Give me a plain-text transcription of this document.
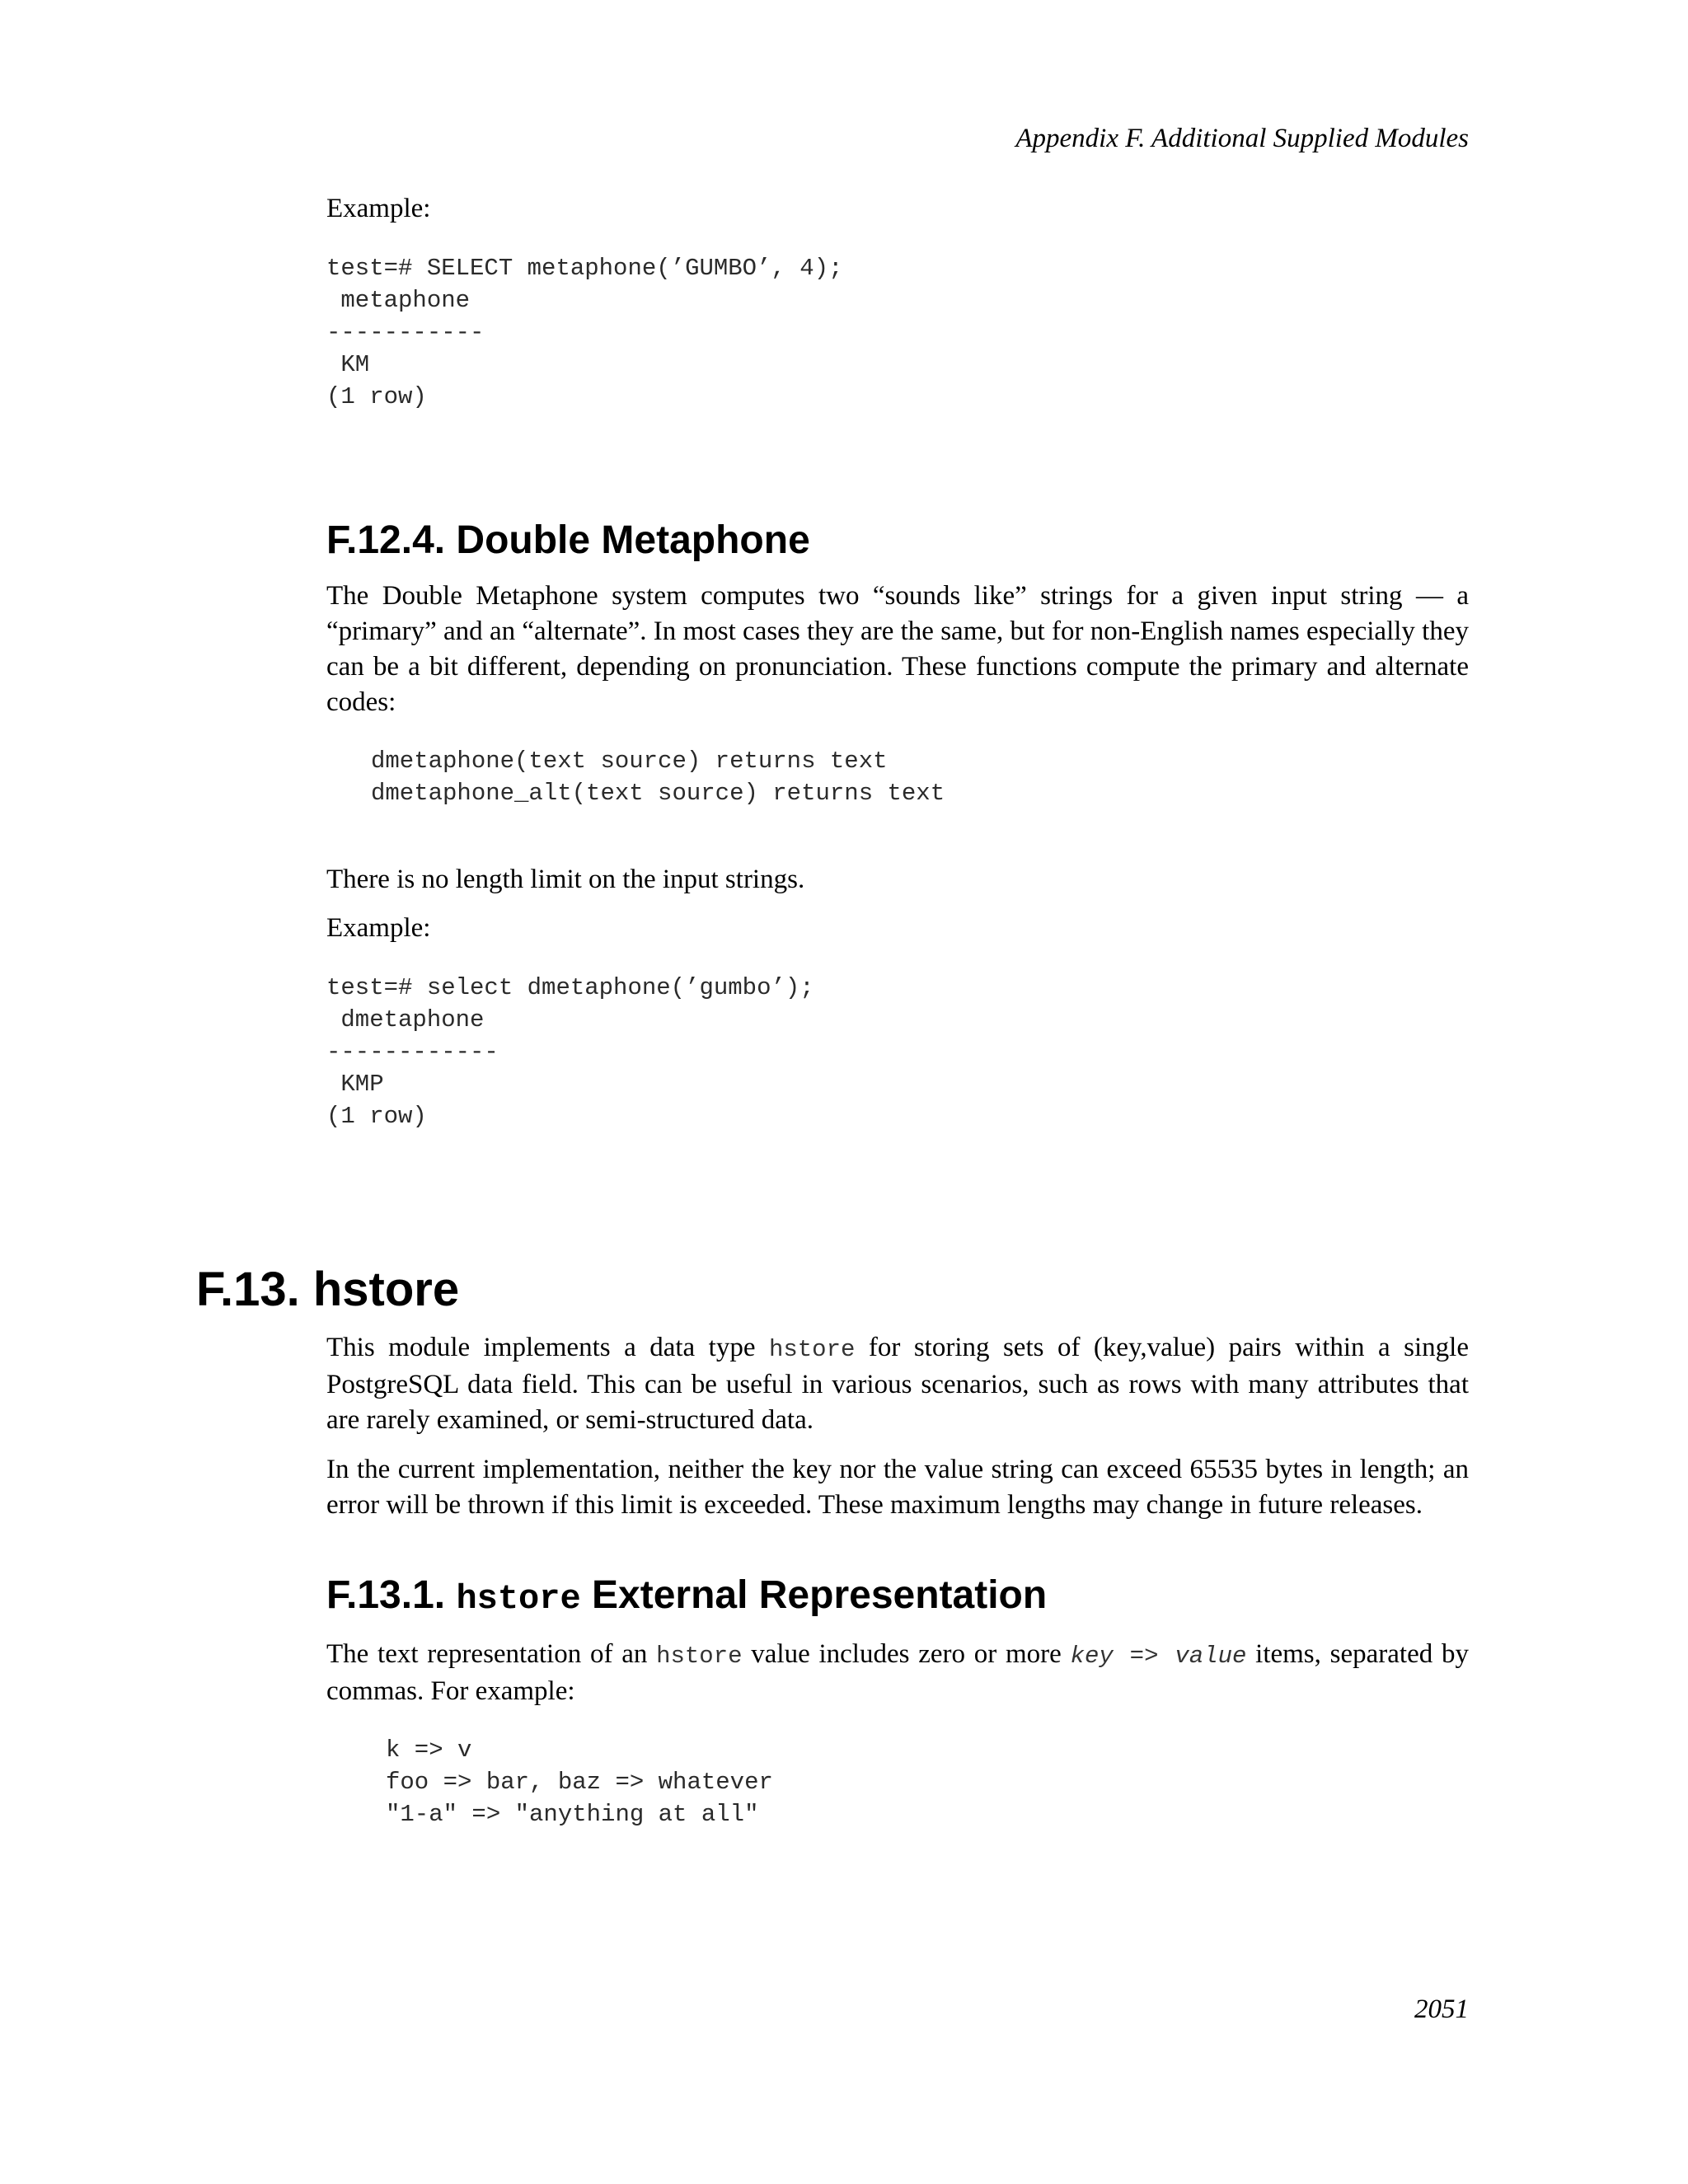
Appendix F. Additional Supplied Modules

Example:

test=# SELECT metaphone(’GUMBO’, 4);
metaphone
-----------
KM
(1 row)
F.12.4. Double Metaphone

The Double Metaphone system computes two “sounds like” strings for a given input string — a “primary” and an “alternate”. In most cases they are the same, but for non-English names especially they can be a bit different, depending on pronunciation. These functions compute the primary and alternate codes:

dmetaphone(text source) returns text
dmetaphone_alt(text source) returns text

There is no length limit on the input strings.

Example:

test=# select dmetaphone(’gumbo’);
dmetaphone
------------
KMP
(1 row)
F.13. hstore

This module implements a data type hstore for storing sets of (key,value) pairs within a single PostgreSQL data field. This can be useful in various scenarios, such as rows with many attributes that are rarely examined, or semi-structured data.

In the current implementation, neither the key nor the value string can exceed 65535 bytes in length; an error will be thrown if this limit is exceeded. These maximum lengths may change in future releases.

F.13.1. hstore External Representation

The text representation of an hstore value includes zero or more key => value items, separated by commas. For example:

k => v
foo => bar, baz => whatever
"1-a" => "anything at all"
2051
